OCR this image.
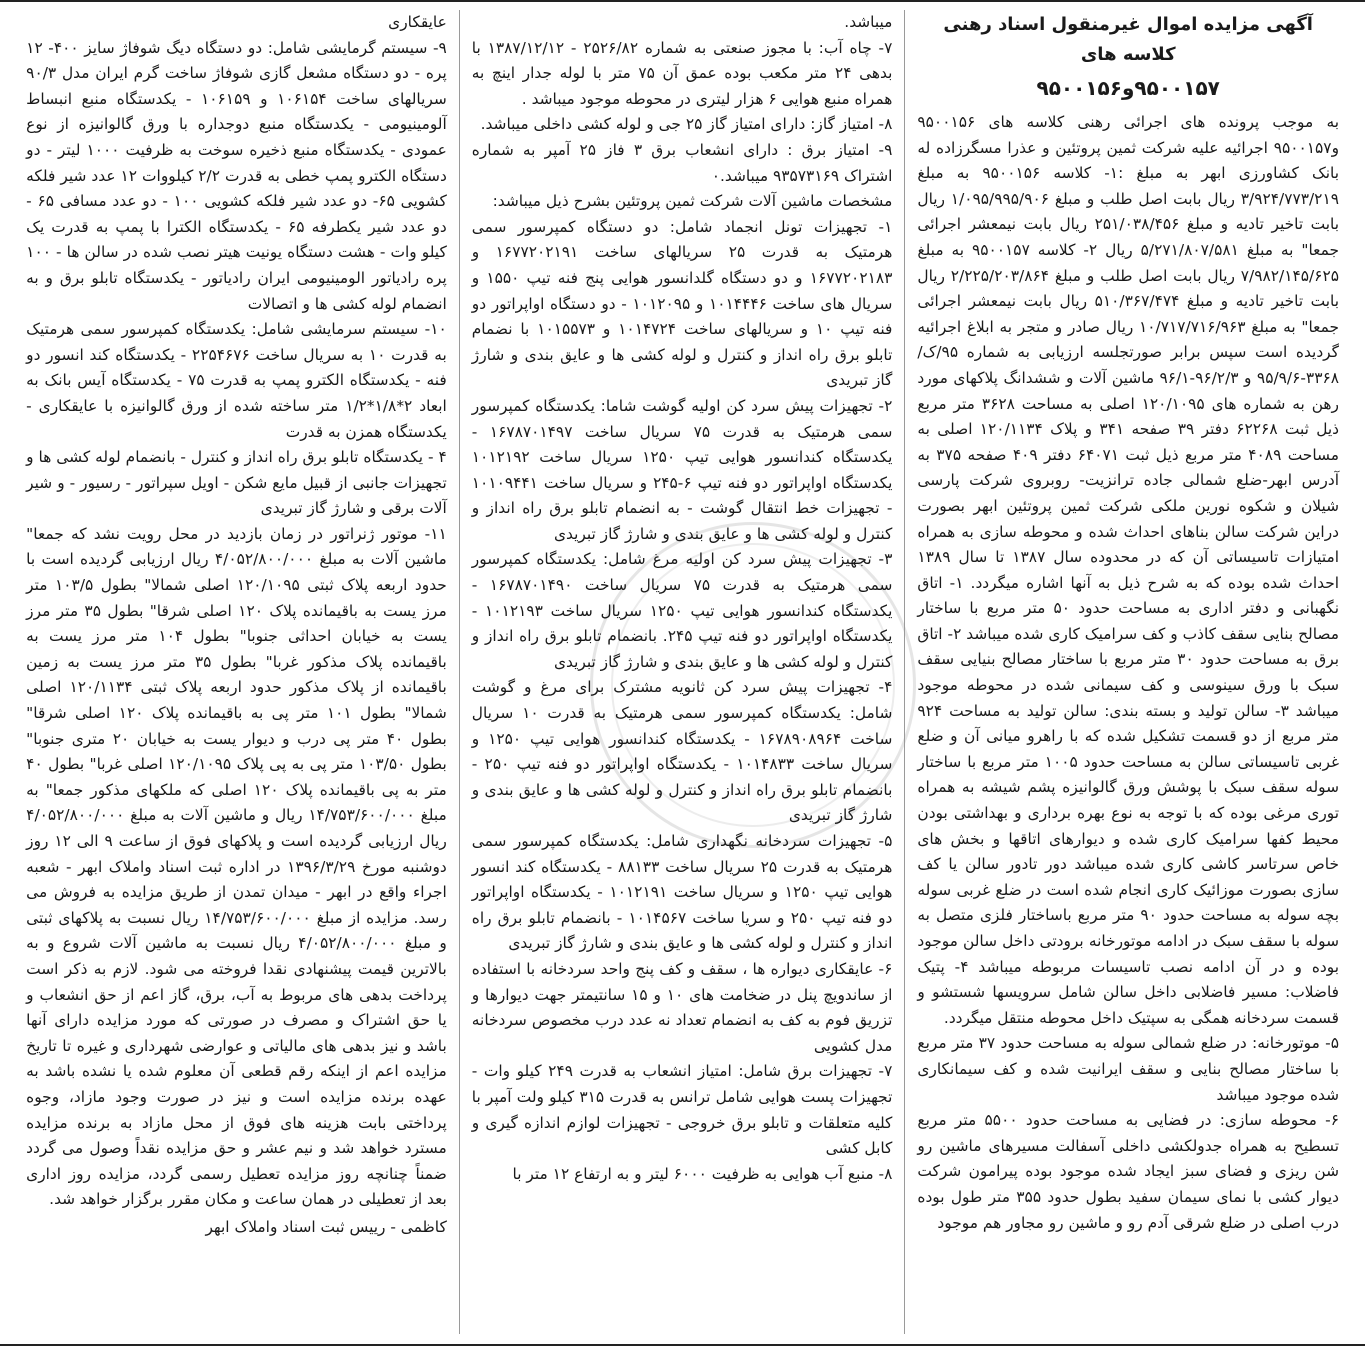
آگهی مزایده اموال غیرمنقول اسناد رهنی کلاسه های

۹۵۰۰۱۵۷و۹۵۰۰۱۵۶

به موجب پرونده های اجرائی رهنی کلاسه های ۹۵۰۰۱۵۶ و۹۵۰۰۱۵۷ اجرائیه علیه شرکت ثمین پروتئین و عذرا مسگرزاده له بانک کشاورزی ابهر به مبلغ :۱- کلاسه ۹۵۰۰۱۵۶ به مبلغ ۳/۹۲۴/۷۷۳/۲۱۹ ریال بابت اصل طلب و مبلغ ۱/۰۹۵/۹۹۵/۹۰۶ ریال بابت تاخیر تادیه و مبلغ ۲۵۱/۰۳۸/۴۵۶ ریال بابت نیمعشر اجرائی جمعا" به مبلغ ۵/۲۷۱/۸۰۷/۵۸۱ ریال ۲- کلاسه ۹۵۰۰۱۵۷ به مبلغ ۷/۹۸۲/۱۴۵/۶۲۵ ریال بابت اصل طلب و مبلغ ۲/۲۲۵/۲۰۳/۸۶۴ ریال بابت تاخیر تادیه و مبلغ ۵۱۰/۳۶۷/۴۷۴ ریال بابت نیمعشر اجرائی جمعا" به مبلغ ۱۰/۷۱۷/۷۱۶/۹۶۳ ریال صادر و متجر به ابلاغ اجرائیه گردیده است سپس برابر صورتجلسه ارزیابی به شماره ۹۵/ک/۳۳۶۸-۹۵/۹/۶ و ۹۶/۲/۳-۹۶/۱ ماشین آلات و ششدانگ پلاکهای مورد رهن به شماره های ۱۲۰/۱۰۹۵ اصلی به مساحت ۳۶۲۸ متر مربع ذیل ثبت ۶۲۲۶۸ دفتر ۳۹ صفحه ۳۴۱ و پلاک ۱۲۰/۱۱۳۴ اصلی به مساحت ۴۰۸۹ متر مربع ذیل ثبت ۶۴۰۷۱ دفتر ۴۰۹ صفحه ۳۷۵ به آدرس ابهر-ضلع شمالی جاده ترانزیت- روبروی شرکت پارسی شیلان و شکوه نورین ملکی شرکت ثمین پروتئین ابهر بصورت دراین شرکت سالن بناهای احداث شده و محوطه سازی به همراه امتیازات تاسیساتی آن که در محدوده سال ۱۳۸۷ تا سال ۱۳۸۹ احداث شده بوده که به شرح ذیل به آنها اشاره میگردد. ۱- اتاق نگهبانی و دفتر اداری به مساحت حدود ۵۰ متر مربع با ساختار مصالح بنایی سقف کاذب و کف سرامیک کاری شده میباشد ۲- اتاق برق به مساحت حدود ۳۰ متر مربع با ساختار مصالح بنیایی سقف سبک با ورق سینوسی و کف سیمانی شده در محوطه موجود میباشد ۳- سالن تولید و بسته بندی: سالن تولید به مساحت ۹۲۴ متر مربع از دو قسمت تشکیل شده که با راهرو میانی آن و ضلع غربی تاسیساتی سالن به مساحت حدود ۱۰۰۵ متر مربع با ساختار سوله سقف سبک با پوشش ورق گالوانیزه پشم شیشه به همراه توری مرغی بوده که با توجه به نوع بهره برداری و بهداشتی بودن محیط کفها سرامیک کاری شده و دیوارهای اتاقها و بخش های خاص سرتاسر کاشی کاری شده میباشد دور تادور سالن یا کف سازی بصورت موزائیک کاری انجام شده است در ضلع غربی سوله بچه سوله به مساحت حدود ۹۰ متر مربع باساختار فلزی متصل به سوله با سقف سبک در ادامه موتورخانه برودتی داخل سالن موجود بوده و در آن ادامه نصب تاسیسات مربوطه میباشد ۴- پتیک فاضلاب: مسیر فاضلابی داخل سالن شامل سرویسها شستشو و قسمت سردخانه همگی به سپتیک داخل محوطه منتقل میگردد.

۵- موتورخانه: در ضلع شمالی سوله به مساحت حدود ۳۷ متر مربع با ساختار مصالح بنایی و سقف ایرانیت شده و کف سیمانکاری شده موجود میباشد

۶- محوطه سازی: در فضایی به مساحت حدود ۵۵۰۰ متر مربع تسطیح به همراه جدولکشی داخلی آسفالت مسیرهای ماشین رو شن ریزی و فضای سبز ایجاد شده موجود بوده پیرامون شرکت دیوار کشی با نمای سیمان سفید بطول حدود ۳۵۵ متر طول بوده درب اصلی در ضلع شرقی آدم رو و ماشین رو مجاور هم موجود

میباشد.

۷- چاه آب: با مجوز صنعتی به شماره ۲۵۲۶/۸۲ - ۱۳۸۷/۱۲/۱۲ با بدهی ۲۴ متر مکعب بوده عمق آن ۷۵ متر با لوله جدار اینچ به همراه منبع هوایی ۶ هزار لیتری در محوطه موجود میباشد .

۸- امتیاز گاز: دارای امتیاز گاز ۲۵ جی و لوله کشی داخلی میباشد.

۹- امتیاز برق : دارای انشعاب برق ۳ فاز ۲۵ آمپر به شماره اشتراک ۹۳۵۷۳۱۶۹ میباشد.۰

مشخصات ماشین آلات شرکت ثمین پروتئین بشرح ذیل میباشد:

۱- تجهیزات تونل انجماد شامل: دو دستگاه کمپرسور سمی هرمتیک به قدرت ۲۵ سریالهای ساخت ۱۶۷۷۲۰۲۱۹۱ و ۱۶۷۷۲۰۲۱۸۳ و دو دستگاه گلدانسور هوایی پنج فنه تیپ ۱۵۵۰ و سریال های ساخت ۱۰۱۴۴۴۶ و ۱۰۱۲۰۹۵ - دو دستگاه اواپراتور دو فنه تیپ ۱۰ و سریالهای ساخت ۱۰۱۴۷۲۴ و ۱۰۱۵۵۷۳ با نضمام تابلو برق راه انداز و کنترل و لوله کشی ها و عایق بندی و شارژ گاز تبریدی

۲- تجهیزات پیش سرد کن اولیه گوشت شاما: یکدستگاه کمپرسور سمی هرمتیک به قدرت ۷۵ سریال ساخت ۱۶۷۸۷۰۱۴۹۷ - یکدستگاه کندانسور هوایی تیپ ۱۲۵۰ سریال ساخت ۱۰۱۲۱۹۲ یکدستگاه اواپراتور دو فنه تیپ ۶-۲۴۵ و سریال ساخت ۱۰۱۰۹۴۴۱ - تجهیزات خط انتقال گوشت - به انضمام تابلو برق راه انداز و کنترل و لوله کشی ها و عایق بندی و شارژ گاز تبریدی

۳- تجهیزات پیش سرد کن اولیه مرغ شامل: یکدستگاه کمپرسور سمی هرمتیک به قدرت ۷۵ سریال ساخت ۱۶۷۸۷۰۱۴۹۰ - یکدستگاه کندانسور هوایی تیپ ۱۲۵۰ سریال ساخت ۱۰۱۲۱۹۳ - یکدستگاه اواپراتور دو فنه تیپ ۲۴۵. بانضمام تابلو برق راه انداز و کنترل و لوله کشی ها و عایق بندی و شارژ گاز تبریدی

۴- تجهیزات پیش سرد کن ثانویه مشترک برای مرغ و گوشت شامل: یکدستگاه کمپرسور سمی هرمتیک به قدرت ۱۰ سریال ساخت ۱۶۷۸۹۰۸۹۶۴ - یکدستگاه کندانسور هوایی تیپ ۱۲۵۰ و سریال ساخت ۱۰۱۴۸۳۳ - یکدستگاه اواپراتور دو فنه تیپ ۲۵۰ - بانضمام تابلو برق راه انداز و کنترل و لوله کشی ها و عایق بندی و شارژ گاز تبریدی

۵- تجهیزات سردخانه نگهداری شامل: یکدستگاه کمپرسور سمی هرمتیک به قدرت ۲۵ سریال ساخت ۸۸۱۳۳ - یکدستگاه کند انسور هوایی تیپ ۱۲۵۰ و سریال ساخت ۱۰۱۲۱۹۱ - یکدستگاه اواپراتور دو فنه تیپ ۲۵۰ و سریا ساخت ۱۰۱۴۵۶۷ - بانضمام تابلو برق راه انداز و کنترل و لوله کشی ها و عایق بندی و شارژ گاز تبریدی

۶- عایقکاری دیواره ها ، سقف و کف پنج واحد سردخانه با استفاده از ساندویچ پنل در ضخامت های ۱۰ و ۱۵ سانتیمتر جهت دیوارها و تزریق فوم به کف به انضمام تعداد نه عدد درب مخصوص سردخانه مدل کشویی

۷- تجهیزات برق شامل: امتیاز انشعاب به قدرت ۲۴۹ کیلو وات - تجهیزات پست هوایی شامل ترانس به قدرت ۳۱۵ کیلو ولت آمپر با کلیه متعلقات و تابلو برق خروجی - تجهیزات لوازم اندازه گیری و کابل کشی

۸- منبع آب هوایی به ظرفیت ۶۰۰۰ لیتر و به ارتفاع ۱۲ متر با

عایقکاری

۹- سیستم گرمایشی شامل: دو دستگاه دیگ شوفاژ سایز ۴۰۰- ۱۲ پره - دو دستگاه مشعل گازی شوفاژ ساخت گرم ایران مدل ۹۰/۳ سریالهای ساخت ۱۰۶۱۵۴ و ۱۰۶۱۵۹ - یکدستگاه منبع انبساط آلومینیومی - یکدستگاه منبع دوجداره با ورق گالوانیزه از نوع عمودی - یکدستگاه منبع ذخیره سوخت به ظرفیت ۱۰۰۰ لیتر - دو دستگاه الکترو پمپ خطی به قدرت ۲/۲ کیلووات ۱۲ عدد شیر فلکه کشویی ۶۵- دو عدد شیر فلکه کشویی ۱۰۰ - دو عدد مسافی ۶۵ - دو عدد شیر یکطرفه ۶۵ - یکدستگاه الکترا با پمپ به قدرت یک کیلو وات - هشت دستگاه یونیت هیتر نصب شده در سالن ها - ۱۰۰ پره رادیاتور الومینیومی ایران رادیاتور - یکدستگاه تابلو برق و به انضمام لوله کشی ها و اتصالات

۱۰- سیستم سرمایشی شامل: یکدستگاه کمپرسور سمی هرمتیک به قدرت ۱۰ به سریال ساخت ۲۲۵۴۶۷۶ - یکدستگاه کند انسور دو فنه - یکدستگاه الکترو پمپ به قدرت ۷۵ - یکدستگاه آیس بانک به ابعاد ۲*۱/۸*۱/۲ متر ساخته شده از ورق گالوانیزه با عایقکاری - یکدستگاه همزن به قدرت

۴ - یکدستگاه تابلو برق راه انداز و کنترل - بانضمام لوله کشی ها و تجهیزات جانبی از قبیل مایع شکن - اویل سپراتور - رسیور - و شیر آلات برقی و شارژ گاز تبریدی

۱۱- موتور ژنراتور در زمان بازدید در محل رویت نشد که جمعا" ماشین آلات به مبلغ ۴/۰۵۲/۸۰۰/۰۰۰ ریال ارزیابی گردیده است با حدود اربعه پلاک ثبتی ۱۲۰/۱۰۹۵ اصلی شمالا" بطول ۱۰۳/۵ متر مرز یست به باقیمانده پلاک ۱۲۰ اصلی شرقا" بطول ۳۵ متر مرز یست به خیابان احداثی جنوبا" بطول ۱۰۴ متر مرز یست به باقیمانده پلاک مذکور غربا" بطول ۳۵ متر مرز یست به زمین باقیمانده از پلاک مذکور حدود اربعه پلاک ثبتی ۱۲۰/۱۱۳۴ اصلی شمالا" بطول ۱۰۱ متر پی به باقیمانده پلاک ۱۲۰ اصلی شرقا" بطول ۴۰ متر پی درب و دیوار یست به خیابان ۲۰ متری جنوبا" بطول ۱۰۳/۵۰ متر پی به پی پلاک ۱۲۰/۱۰۹۵ اصلی غربا" بطول ۴۰ متر به پی باقیمانده پلاک ۱۲۰ اصلی که ملکهای مذکور جمعا" به مبلغ ۱۴/۷۵۳/۶۰۰/۰۰۰ ریال و ماشین آلات به مبلغ ۴/۰۵۲/۸۰۰/۰۰۰ ریال ارزیابی گردیده است و پلاکهای فوق از ساعت ۹ الی ۱۲ روز دوشنبه مورخ ۱۳۹۶/۳/۲۹ در اداره ثبت اسناد واملاک ابهر - شعبه اجراء واقع در ابهر - میدان تمدن از طریق مزایده به فروش می رسد. مزایده از مبلغ ۱۴/۷۵۳/۶۰۰/۰۰۰ ریال نسبت به پلاکهای ثبتی و مبلغ ۴/۰۵۲/۸۰۰/۰۰۰ ریال نسبت به ماشین آلات شروع و به بالاترین قیمت پیشنهادی نقدا فروخته می شود. لازم به ذکر است پرداخت بدهی های مربوط به آب، برق، گاز اعم از حق انشعاب و یا حق اشتراک و مصرف در صورتی که مورد مزایده دارای آنها باشد و نیز بدهی های مالیاتی و عوارضی شهرداری و غیره تا تاریخ مزایده اعم از اینکه رقم قطعی آن معلوم شده یا نشده باشد به عهده برنده مزایده است و نیز در صورت وجود مازاد، وجوه پرداختی بابت هزینه های فوق از محل مازاد به برنده مزایده مسترد خواهد شد و نیم عشر و حق مزایده نقداً وصول می گردد ضمناً چنانچه روز مزایده تعطیل رسمی گردد، مزایده روز اداری بعد از تعطیلی در همان ساعت و مکان مقرر برگزار خواهد شد.

کاظمی - رییس ثبت اسناد واملاک ابهر
